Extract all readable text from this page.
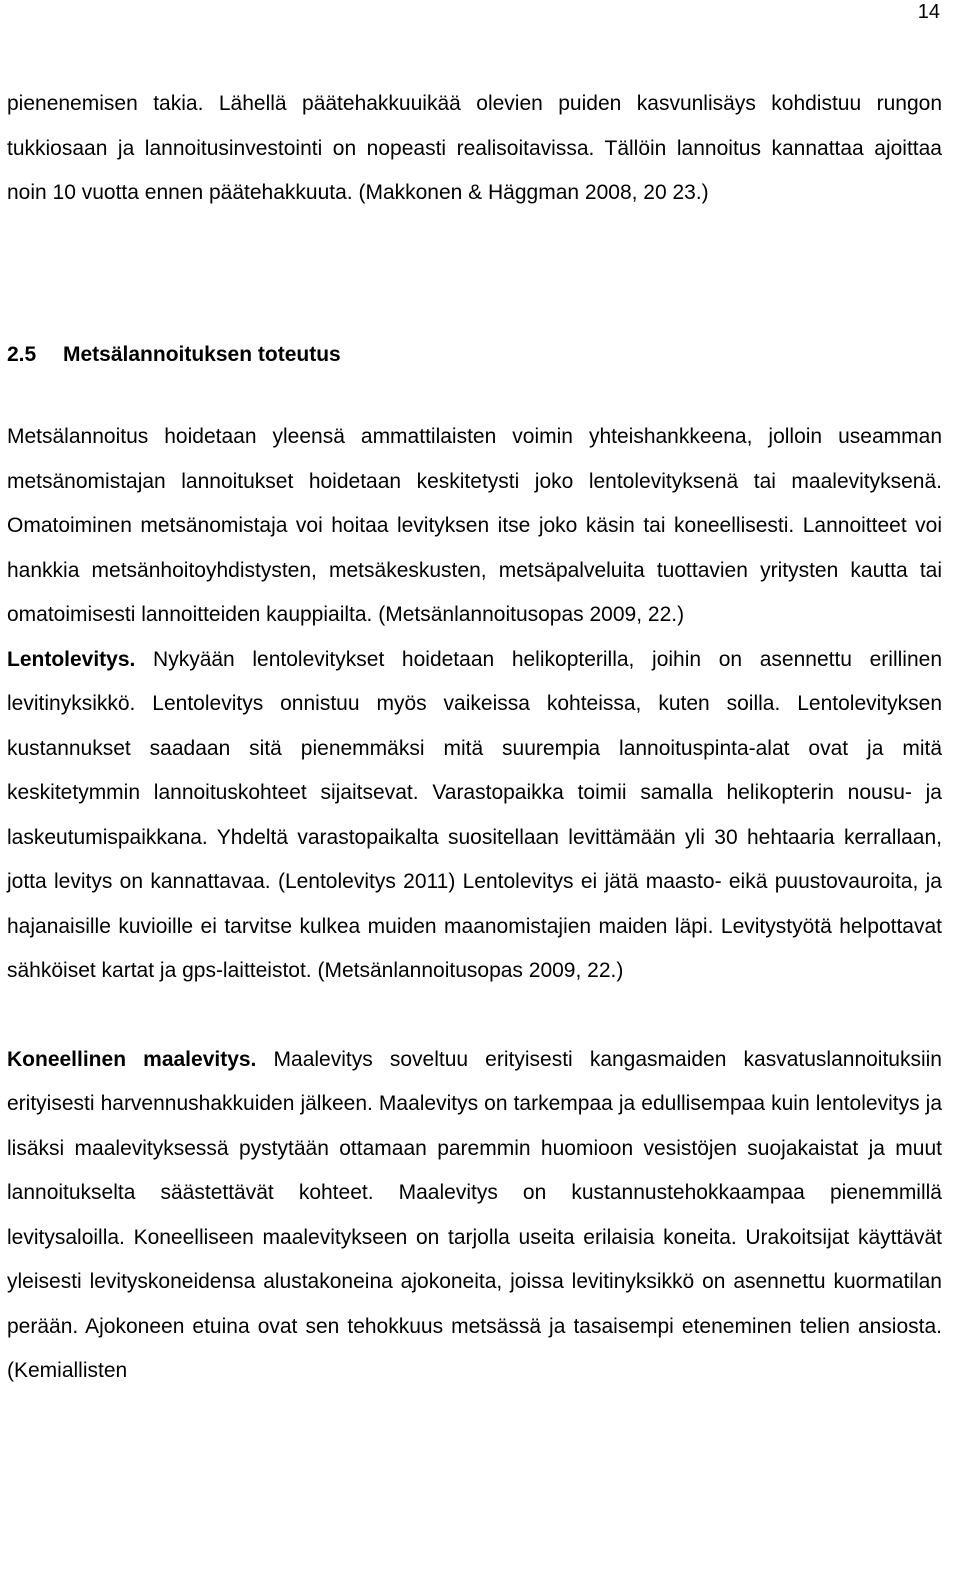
14

pienenemisen takia. Lähellä päätehakkuuikää olevien puiden kasvunlisäys kohdistuu rungon tukkiosaan ja lannoitusinvestointi on nopeasti realisoitavissa. Tällöin lannoitus kannattaa ajoittaa noin 10 vuotta ennen päätehakkuuta. (Makkonen & Häggman 2008, 20 23.)

2.5 Metsälannoituksen toteutus

Metsälannoitus hoidetaan yleensä ammattilaisten voimin yhteishankkeena, jolloin useamman metsänomistajan lannoitukset hoidetaan keskitetysti joko lentolevityksenä tai maalevityksenä. Omatoiminen metsänomistaja voi hoitaa levityksen itse joko käsin tai koneellisesti. Lannoitteet voi hankkia metsänhoitoyhdistysten, metsäkeskusten, metsäpalveluita tuottavien yritysten kautta tai omatoimisesti lannoitteiden kauppiailta. (Metsänlannoitusopas 2009, 22.)

Lentolevitys. Nykyään lentolevitykset hoidetaan helikopterilla, joihin on asennettu erillinen levitinyksikkö. Lentolevitys onnistuu myös vaikeissa kohteissa, kuten soilla. Lentolevityksen kustannukset saadaan sitä pienemmäksi mitä suurempia lannoituspinta-alat ovat ja mitä keskitetymmin lannoituskohteet sijaitsevat. Varastopaikka toimii samalla helikopterin nousu- ja laskeutumispaikkana. Yhdeltä varastopaikalta suositellaan levittämään yli 30 hehtaaria kerrallaan, jotta levitys on kannattavaa. (Lentolevitys 2011) Lentolevitys ei jätä maasto- eikä puustovauroita, ja hajanaisille kuvioille ei tarvitse kulkea muiden maanomistajien maiden läpi. Levitystyötä helpottavat sähköiset kartat ja gps-laitteistot. (Metsänlannoitusopas 2009, 22.)

Koneellinen maalevitys. Maalevitys soveltuu erityisesti kangasmaiden kasvatuslannoituksiin erityisesti harvennushakkuiden jälkeen. Maalevitys on tarkempaa ja edullisempaa kuin lentolevitys ja lisäksi maalevityksessä pystytään ottamaan paremmin huomioon vesistöjen suojakaistat ja muut lannoitukselta säästettävät kohteet. Maalevitys on kustannustehokkaampaa pienemmillä levitysaloilla. Koneelliseen maalevitykseen on tarjolla useita erilaisia koneita. Urakoitsijat käyttävät yleisesti levityskoneidensa alustakoneina ajokoneita, joissa levitinyksikkö on asennettu kuormatilan perään. Ajokoneen etuina ovat sen tehokkuus metsässä ja tasaisempi eteneminen telien ansiosta. (Kemiallisten
